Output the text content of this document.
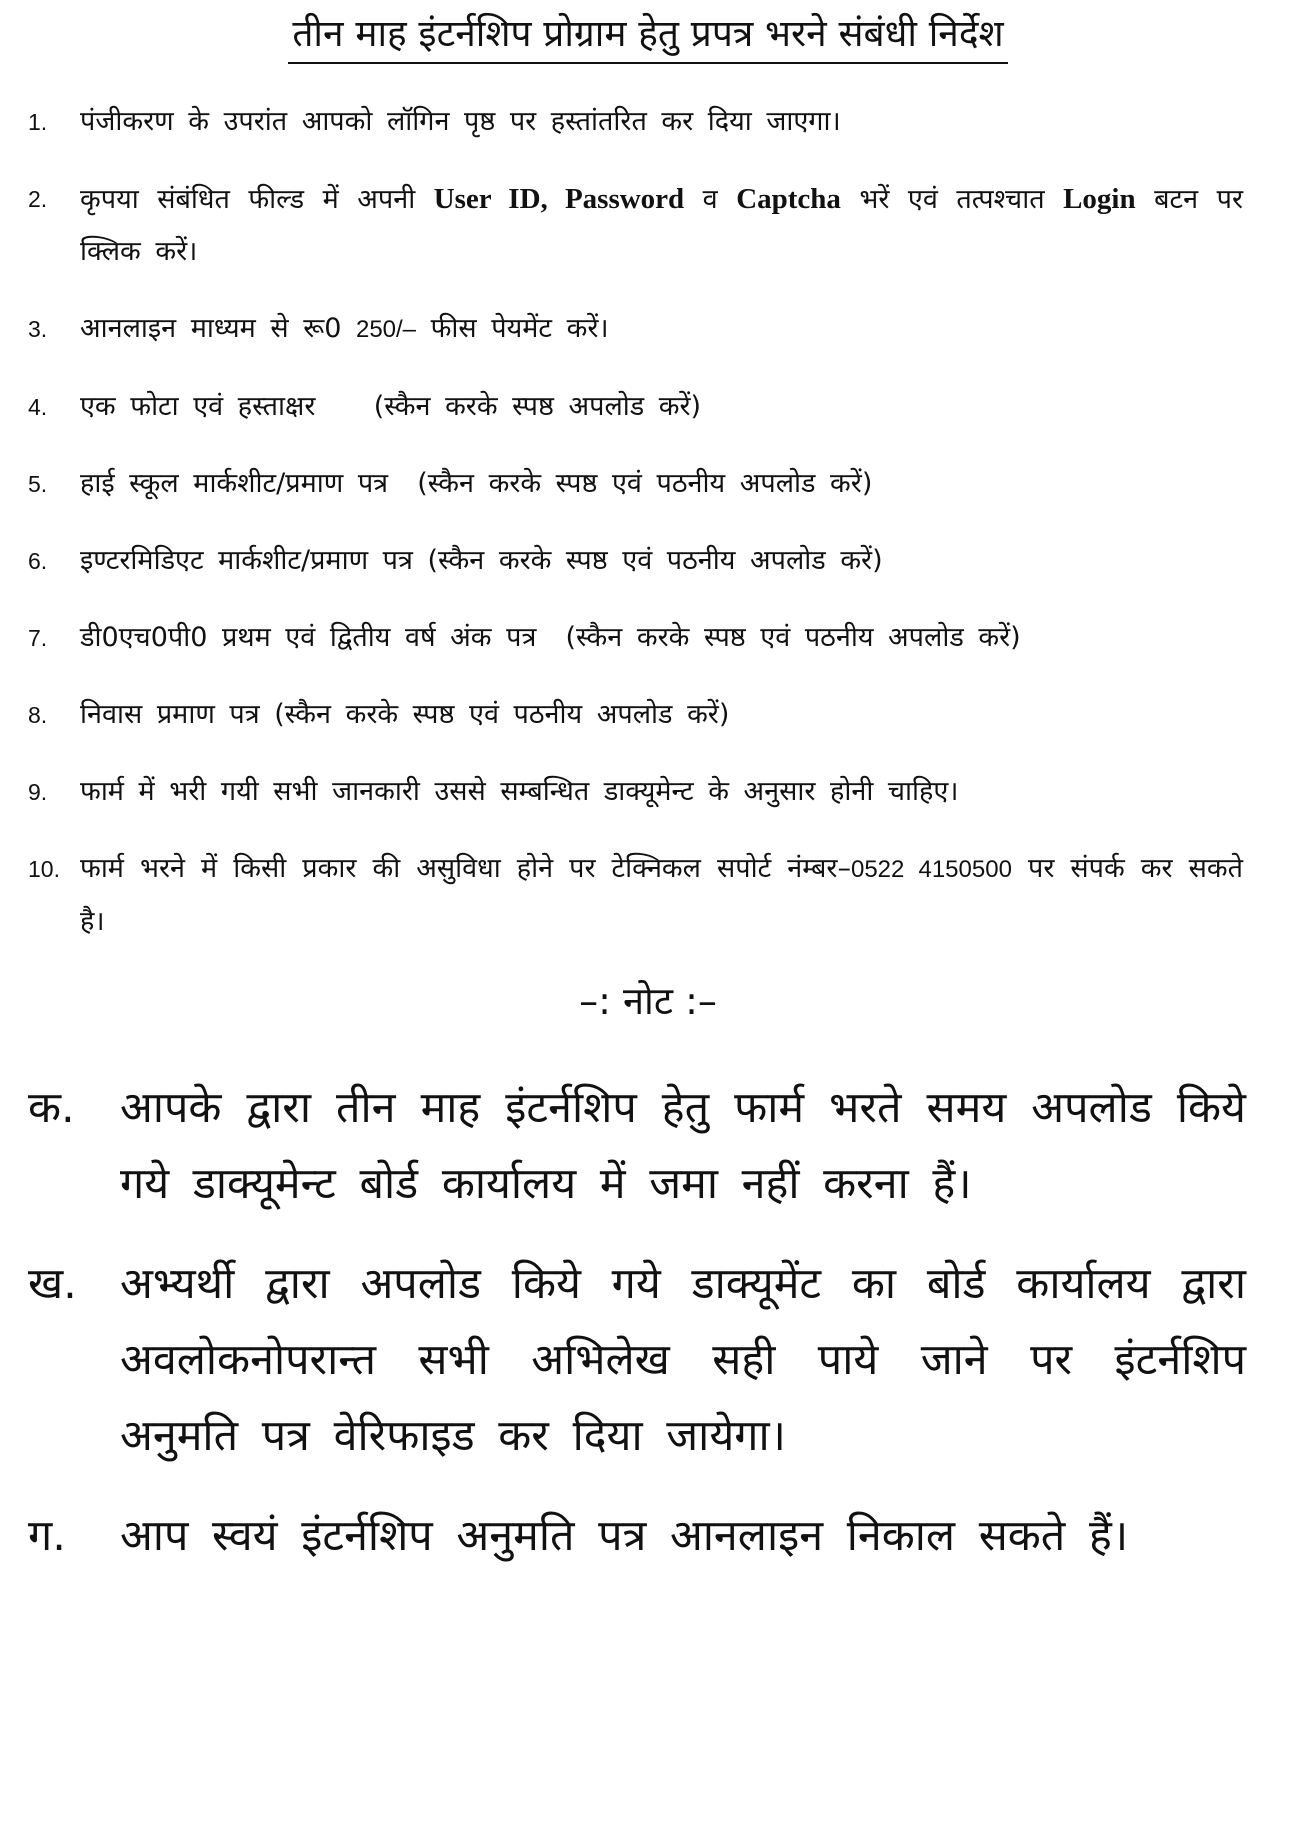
तीन माह इंटर्नशिप प्रोग्राम हेतु प्रपत्र भरने संबंधी निर्देश
1. पंजीकरण के उपरांत आपको लॉगिन पृष्ठ पर हस्तांतरित कर दिया जाएगा।
2. कृपया संबंधित फील्ड में अपनी User ID, Password व Captcha भरें एवं तत्पश्चात Login बटन पर क्लिक करें।
3. आनलाइन माध्यम से रू0 250/– फीस पेयमेंट करें।
4. एक फोटा एवं हस्ताक्षर    (स्कैन करके स्पष्ठ अपलोड करें)
5. हाई स्कूल मार्कशीट/प्रमाण पत्र  (स्कैन करके स्पष्ठ एवं पठनीय अपलोड करें)
6. इण्टरमिडिएट मार्कशीट/प्रमाण पत्र (स्कैन करके स्पष्ठ एवं पठनीय अपलोड करें)
7. डी0एच0पी0 प्रथम एवं द्वितीय वर्ष अंक पत्र  (स्कैन करके स्पष्ठ एवं पठनीय अपलोड करें)
8. निवास प्रमाण पत्र (स्कैन करके स्पष्ठ एवं पठनीय अपलोड करें)
9. फार्म में भरी गयी सभी जानकारी उससे सम्बन्धित डाक्यूमेन्ट के अनुसार होनी चाहिए।
10. फार्म भरने में किसी प्रकार की असुविधा होने पर टेक्निकल सपोर्ट नंम्बर–0522 4150500 पर संपर्क कर सकते है।
–: नोट :–
क. आपके द्वारा तीन माह इंटर्नशिप हेतु फार्म भरते समय अपलोड किये गये डाक्यूमेन्ट बोर्ड कार्यालय में जमा नहीं करना हैं।
ख. अभ्यर्थी द्वारा अपलोड किये गये डाक्यूमेंट का बोर्ड कार्यालय द्वारा अवलोकनोपरान्त सभी अभिलेख सही पाये जाने पर इंटर्नशिप अनुमति पत्र वेरिफाइड कर दिया जायेगा।
ग. आप स्वयं इंटर्नशिप अनुमति पत्र आनलाइन निकाल सकते हैं।
